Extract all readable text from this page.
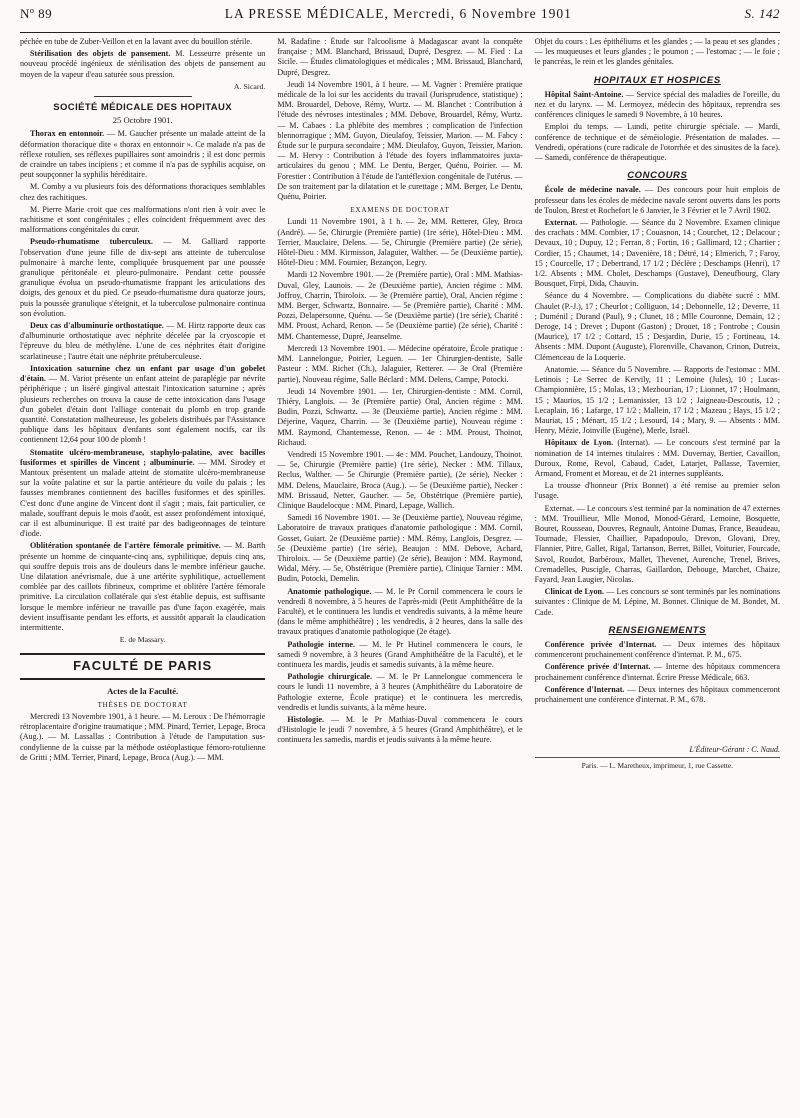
Nº 89	LA PRESSE MÉDICALE, Mercredi, 6 Novembre 1901	S. 142

péchée en tube de Zuber-Veillon et en la lavant avec du bouillon stérile.

Stérilisation des objets de pansement. M. Lesseurre présente un nouveau procédé ingénieux de stérilisation des objets de pansement au moyen de la vapeur d'eau saturée sous pression.

A. Sicard.
SOCIÉTÉ MÉDICALE DES HOPITAUX
25 Octobre 1901.

Thorax en entonnoir. — M. Gaucher présente un malade atteint de la déformation thoracique dite « thorax en entonnoir ». Ce malade n'a pas de réflexe rotulien, ses réflexes pupillaires sont amoindris ; il est donc permis de craindre un tabes incipiens ; et comme il n'a pas de syphilis acquise, on peut soupçonner la syphilis héréditaire.

M. Comby a vu plusieurs fois des déformations thoraciques semblables chez des rachitiques.

M. Pierre Marie croit que ces malformations n'ont rien à voir avec le rachitisme et sont congénitales ; elles coïncident fréquemment avec des malformations congénitales du cœur.

Pseudo-rhumatisme tuberculeux. — M. Galliard rapporte l'observation d'une jeune fille de dix-sept ans atteinte de tuberculose pulmonaire à marche lente, compliquée brusquement par une poussée granulique péritonéale et pleuro-pulmonaire. Pendant cette poussée granulique évolua un pseudo-rhumatisme frappant les articulations des doigts, des genoux et du pied. Ce pseudo-rhumatisme dura quatorze jours, puis la poussée granulique s'éteignit, et la tuberculose pulmonaire continua son évolution.

Deux cas d'albuminurie orthostatique. — M. Hirtz rapporte deux cas d'albuminurie orthostatique avec néphrite décelée par la cryoscopie et l'épreuve du bleu de méthylène. L'une de ces néphrites était d'origine scarlatineuse ; l'autre était une néphrite prétuberculeuse.

Intoxication saturnine chez un enfant par usage d'un gobelet d'étain. — M. Variot présente un enfant atteint de paraplégie par névrite périphérique ; un liséré gingival attestait l'intoxication saturnine ; après plusieurs recherches on trouva la cause de cette intoxication dans l'usage d'un gobelet d'étain dont l'alliage contenait du plomb en trop grande quantité. Constatation malheureuse, les gobelets distribués par l'Assistance publique dans les hôpitaux d'enfants sont également nocifs, car ils contiennent 12,64 pour 100 de plomb !

Stomatite ulcéro-membraneuse, staphylo-palatine, avec bacilles fusiformes et spirilles de Vincent ; albuminurie. — MM. Sirodey et Mantoux présentent un malade atteint de stomatite ulcéro-membraneuse sur la voûte palatine et sur la partie antérieure du voile du palais ; les fausses membranes contiennent des bacilles fusiformes et des spirilles. C'est donc d'une angine de Vincent dont il s'agit ; mais, fait particulier, ce malade, souffrant depuis le mois d'août, est assez profondément intoxiqué, car il est albuminurique. Il est traité par des badigeonnages de teinture d'iode.

Oblitération spontanée de l'artère fémorale primitive. — M. Barth présente un homme de cinquante-cinq ans, syphilitique, depuis cinq ans, qui souffre depuis trois ans de douleurs dans le membre inférieur gauche. Une dilatation anévrismale, due à une artérite syphilitique, actuellement comblée par des caillots fibrineux, comprime et oblitère l'artère fémorale primitive. La circulation collatérale qui s'est établie depuis, est suffisante lorsque le membre inférieur ne travaille pas d'une façon exagérée, mais devient insuffisante pendant les efforts, et aussitôt apparaît la claudication intermittente.

E. de Massary.
FACULTÉ DE PARIS
Actes de la Faculté.
THÈSES DE DOCTORAT

Mercredi 13 Novembre 1901, à 1 heure. — M. Leroux : De l'hémorragie rétroplacentaire d'origine traumatique ; MM. Pinard, Terrier, Lepage, Broca (Aug.). — M. Lassallas : Contribution à l'étude de l'amputation sus-condylienne de la cuisse par la méthode ostéoplastique fémoro-rotulienne de Gritti ; MM. Terrier, Pinard, Lepage, Broca (Aug.). — MM.

M. Radafine : Étude sur l'alcoolisme à Madagascar avant la conquête française ; MM. Blanchard, Brissaud, Dupré, Desgrez. — M. Fied : La Sicile. — Études climatologiques et médicales ; MM. Brissaud, Blanchard, Dupré, Desgrez.

Jeudi 14 Novembre 1901, à 1 heure. — M. Vagner : Première pratique médicale de la loi sur les accidents du travail (Jurisprudence, statistique) ; MM. Brouardel, Debove, Rémy, Wurtz. — M. Blanchet : Contribution à l'étude des névroses intestinales ; MM. Debove, Brouardel, Rémy, Wurtz. — M. Cabaes : La phlébite des membres ; complication de l'infection blennorragique ; MM. Guyon, Dieulafoy, Teissier, Marion. — M. Fabcy : Étude sur le purpura secondaire ; MM. Dieulafoy, Guyon, Teissier, Marion. — M. Hervy : Contribution à l'étude des foyers inflammatoires juxta-articulaires du genou ; MM. Le Dentu, Berger, Quénu, Poirier. — M. Forestier : Contribution à l'étude de l'antéflexion congénitale de l'utérus. — De son traitement par la dilatation et le curettage ; MM. Berger, Le Dentu, Quénu, Poirier.

EXAMENS DE DOCTORAT

Lundi 11 Novembre 1901, à 1 h. — 2e, MM. Retterer, Gley, Broca (André). — 5e, Chirurgie (Première partie) (1re série), Hôtel-Dieu : MM. Terrier, Mauclaire, Delens. — 5e, Chirurgie (Première partie) (2e série), Hôtel-Dieu : MM. Kirmisson, Jalaguier, Walther. — 5e (Deuxième partie), Hôtel-Dieu : MM. Fournier, Bezançon, Legry.

Mardi 12 Novembre 1901. — 2e (Première partie), Oral : MM. Mathias-Duval, Gley, Launois. — 2e (Deuxième partie), Ancien régime : MM. Joffroy, Charrin, Thiroloix. — 3e (Première partie), Oral, Ancien régime : MM. Berger, Schwartz, Bonnaire. — 5e (Première partie), Charité : MM. Pozzi, Delapersonne, Quénu. — 5e (Deuxième partie) (1re série), Charité : MM. Proust, Achard, Renon. — 5e (Deuxième partie) (2e série), Charité : MM. Chantemesse, Dupré, Jeanselme.

Mercredi 13 Novembre 1901. — Médecine opératoire, École pratique : MM. Lannelongue, Poirier, Leguen. — 1er Chirurgien-dentiste, Salle Pasteur : MM. Richet (Ch.), Jalaguier, Retterer. — 3e Oral (Première partie), Nouveau régime, Salle Béclard : MM. Delens, Campe, Potocki.

Jeudi 14 Novembre 1901. — 1er, Chirurgien-dentiste : MM. Cornil, Thiéry, Langlois. — 3e (Première partie) Oral, Ancien régime : MM. Budin, Pozzi, Schwartz. — 3e (Deuxième partie), Ancien régime : MM. Déjerine, Vaquez, Charrin. — 3e (Deuxième partie), Nouveau régime : MM. Raymond, Chantemesse, Renon. — 4e : MM. Proust, Thoinot, Richaud.

Vendredi 15 Novembre 1901. — 4e : MM. Pouchet, Landouzy, Thoinot. — 5e, Chirurgie (Première partie) (1re série), Necker : MM. Tillaux, Reclus, Walther. — 5e Chirurgie (Première partie), (2e série), Necker : MM. Delens, Mauclaire, Broca (Aug.). — 5e (Deuxième partie), Necker : MM. Brissaud, Netter, Gaucher. — 5e, Obstétrique (Première partie), Clinique Baudelocque : MM. Pinard, Lepage, Wallich.

Samedi 16 Novembre 1901. — 3e (Deuxième partie), Nouveau régime, Laboratoire de travaux pratiques d'anatomie pathologique : MM. Cornil, Gosset, Guiart. 2e (Deuxième partie) : MM. Rémy, Langlois, Desgrez. — 5e (Deuxième partie) (1re série), Beaujon : MM. Debove, Achard, Thiroloix. — 5e (Deuxième partie) (2e série), Beaujon : MM. Raymond, Widal, Méry. — 5e, Obstétrique (Première partie), Clinique Tarnier : MM. Budin, Potocki, Demelin.

Anatomie pathologique. — M. le Pr Cornil commencera le cours le vendredi 8 novembre, à 5 heures de l'après-midi (Petit Amphithéâtre de la Faculté), et le continuera les lundis et vendredis suivants, à la même heure (dans le même amphithéâtre) ; les vendredis, à 2 heures, dans la salle des travaux pratiques d'anatomie pathologique (2e étage).

Pathologie interne. — M. le Pr Hutinel commencera le cours, le samedi 9 novembre, à 3 heures (Grand Amphithéâtre de la Faculté), et le continuera les mardis, jeudis et samedis suivants, à la même heure.

Pathologie chirurgicale. — M. le Pr Lannelongue commencera le cours le lundi 11 novembre, à 3 heures (Amphithéâtre du Laboratoire de Pathologie externe, École pratique) et le continuera les mercredis, vendredis et lundis suivants, à la même heure.

Histologie. — M. le Pr Mathias-Duval commencera le cours d'Histologie le jeudi 7 novembre, à 5 heures (Grand Amphithéâtre), et le continuera les samedis, mardis et jeudis suivants à la même heure.

Objet du cours : Les épithéliums et les glandes ; — la peau et ses glandes ; — les muqueuses et leurs glandes ; le poumon ; — l'estomac ; — le foie ; le pancréas, le rein et les glandes génitales.

HOPITAUX ET HOSPICES

Hôpital Saint-Antoine. — Service spécial des maladies de l'oreille, du nez et du larynx. — M. Lermoyez, médecin des hôpitaux, reprendra ses conférences cliniques le samedi 9 Novembre, à 10 heures.

Emploi du temps. — Lundi, petite chirurgie spéciale. — Mardi, conférence de technique et de séméiologie. Présentation de malades. — Vendredi, opérations (cure radicale de l'otorrhée et des sinusites de la face). — Samedi, conférence de thérapeutique.

CONCOURS

École de médecine navale. — Des concours pour huit emplois de professeur dans les écoles de médecine navale seront ouverts dans les ports de Toulon, Brest et Rochefort le 6 Janvier, le 3 Février et le 7 Avril 1902.

Externat. — Pathologie. — Séance du 2 Novembre. Examen clinique des crachats : MM. Combier, 17 ; Couasnon, 14 ; Courchet, 12 ; Delacour ; Devaux, 10 ; Dupuy, 12 ; Ferran, 8 ; Fortin, 16 ; Gallimard, 12 ; Chartier ; Cordier, 15 ; Chaumet, 14 ; Davenière, 18 ; Détré, 14 ; Elmerich, 7 ; Faroy, 15 ; Courcelle, 17 ; Debertrand, 17 1/2 ; Déclère ; Deschamps (Henri), 17 1/2. Absents : MM. Cholet, Deschamps (Gustave), Deneufbourg, Clary Bousquet, Firpi, Dida, Chauvin.

Séance du 4 Novembre. — Complications du diabète sucré : MM. Chaulet (P.-J.), 17 ; Cheurlot ; Colliguon, 14 ; Debonnelle, 12 ; Deverre, 11 ; Duménil ; Durand (Paul), 9 ; Clunet, 18 ; Mlle Couronne, Demain, 12 ; Deroge, 14 ; Drevet ; Dupont (Gaston) ; Drouet, 18 ; Fontrobe ; Cousin (Maurice), 17 1/2 ; Cottard, 15 ; Desjardin, Durie, 15 ; Fortineau, 14. Absents : MM. Dupont (Auguste), Florenville, Chavanon, Crinon, Dutreix, Clémenceau de la Loquerie.

Anatomie. — Séance du 5 Novembre. — Rapports de l'estomac : MM. Letinois ; Le Serrec de Kervily, 11 ; Lemoine (Jules), 10 ; Lucas-Championnière, 15 ; Molas, 13 ; Mezbourian, 17 ; Lionnet, 17 ; Houlmann, 15 ; Maurios, 15 1/2 ; Lemanissier, 13 1/2 ; Jaigneau-Descoutis, 12 ; Lecaplain, 16 ; Lafarge, 17 1/2 ; Mallein, 17 1/2 ; Mazeau ; Hays, 15 1/2 ; Mauriat, 15 ; Ménart, 15 1/2 ; Lesourd, 14 ; Mary, 9. — Absents : MM. Henry, Mézie, Joinville (Eugène), Merle, Israël.

Hôpitaux de Lyon. (Internat). — Le concours s'est terminé par la nomination de 14 internes titulaires : MM. Duvernay, Bertier, Cavaillon, Duroux, Rome, Revol, Cabaud, Cadet, Latarjet, Pallasse, Tavernier, Armand, Froment et Moreau, et de 21 internes suppléants.

La trousse d'honneur (Prix Bonnet) a été remise au premier selon l'usage.

Externat. — Le concours s'est terminé par la nomination de 47 externes : MM. Trouillieur, Mlle Monod, Monod-Gérard, Lemoine, Bosquette, Bouret, Rousseau, Douvres, Regnault, Antoine Dumas, France, Beaudeau, Tournade, Flessier, Chaillier, Papadopoulo, Drevon, Glovani, Drey, Flannier, Pitre, Gallet, Rigal, Tartanson, Berret, Billet, Voiturier, Fourcade, Savol, Roudot, Barbéroux, Mallet, Thevenet, Aurenche, Trenel, Brives, Cremadelles, Puscigle, Charras, Gaillardon, Debouge, Marchet, Chaize, Fayard, Jean Laugier, Nicolas.

Clinicat de Lyon. — Les concours se sont terminés par les nominations suivantes : Clinique de M. Lépine, M. Bonnet. Clinique de M. Bondet, M. Cade.

RENSEIGNEMENTS

Conférence privée d'Internat. — Deux internes des hôpitaux commenceront prochainement conférence d'internat. P. M., 675.

Conférence privée d'Internat. — Interne des hôpitaux commencera prochainement conférence d'internat. Écrire Presse Médicale, 663.

Conférence d'Internat. — Deux internes des hôpitaux commenceront prochainement une conférence d'internat. P. M., 678.

L'Éditeur-Gérant : C. Naud.
Paris. — L. Maretheux, imprimeur, 1, rue Cassette.
